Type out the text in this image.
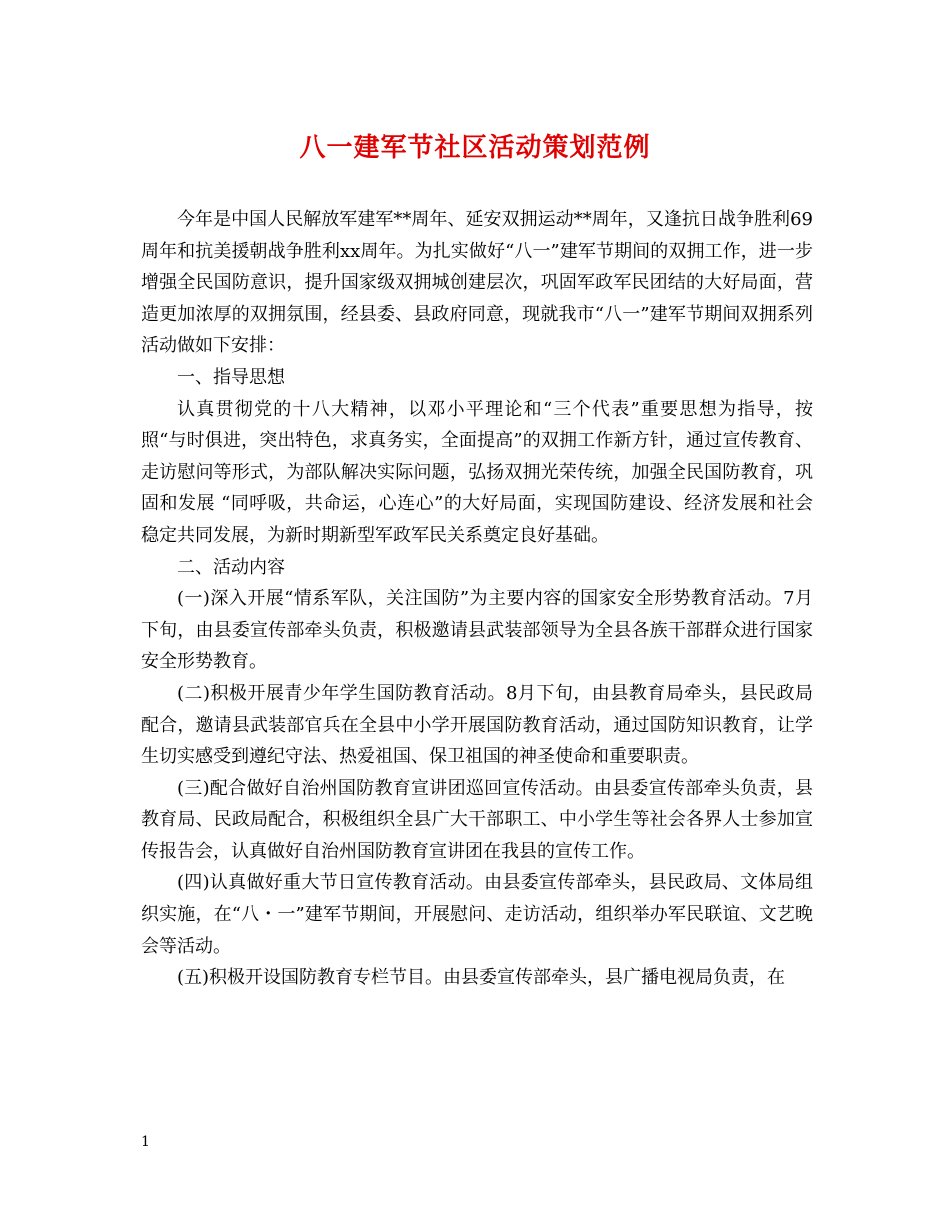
八一建军节社区活动策划范例

今年是中国人民解放军建军**周年、延安双拥运动**周年，又逢抗日战争胜利69周年和抗美援朝战争胜利xx周年。为扎实做好“八一”建军节期间的双拥工作，进一步增强全民国防意识，提升国家级双拥城创建层次，巩固军政军民团结的大好局面，营造更加浓厚的双拥氛围，经县委、县政府同意，现就我市“八一”建军节期间双拥系列活动做如下安排：

一、指导思想

认真贯彻党的十八大精神，以邓小平理论和“三个代表”重要思想为指导，按照“与时俱进，突出特色，求真务实，全面提高”的双拥工作新方针，通过宣传教育、走访慰问等形式，为部队解决实际问题，弘扬双拥光荣传统，加强全民国防教育，巩固和发展 “同呼吸，共命运，心连心”的大好局面，实现国防建设、经济发展和社会稳定共同发展，为新时期新型军政军民关系奠定良好基础。

二、活动内容

(一)深入开展“情系军队，关注国防”为主要内容的国家安全形势教育活动。7月下旬，由县委宣传部牵头负责，积极邀请县武装部领导为全县各族干部群众进行国家安全形势教育。

(二)积极开展青少年学生国防教育活动。8月下旬，由县教育局牵头，县民政局配合，邀请县武装部官兵在全县中小学开展国防教育活动，通过国防知识教育，让学生切实感受到遵纪守法、热爱祖国、保卫祖国的神圣使命和重要职责。

(三)配合做好自治州国防教育宣讲团巡回宣传活动。由县委宣传部牵头负责，县教育局、民政局配合，积极组织全县广大干部职工、中小学生等社会各界人士参加宣传报告会，认真做好自治州国防教育宣讲团在我县的宣传工作。

(四)认真做好重大节日宣传教育活动。由县委宣传部牵头，县民政局、文体局组织实施，在“八・一”建军节期间，开展慰问、走访活动，组织举办军民联谊、文艺晚会等活动。

(五)积极开设国防教育专栏节目。由县委宣传部牵头，县广播电视局负责，在

1
